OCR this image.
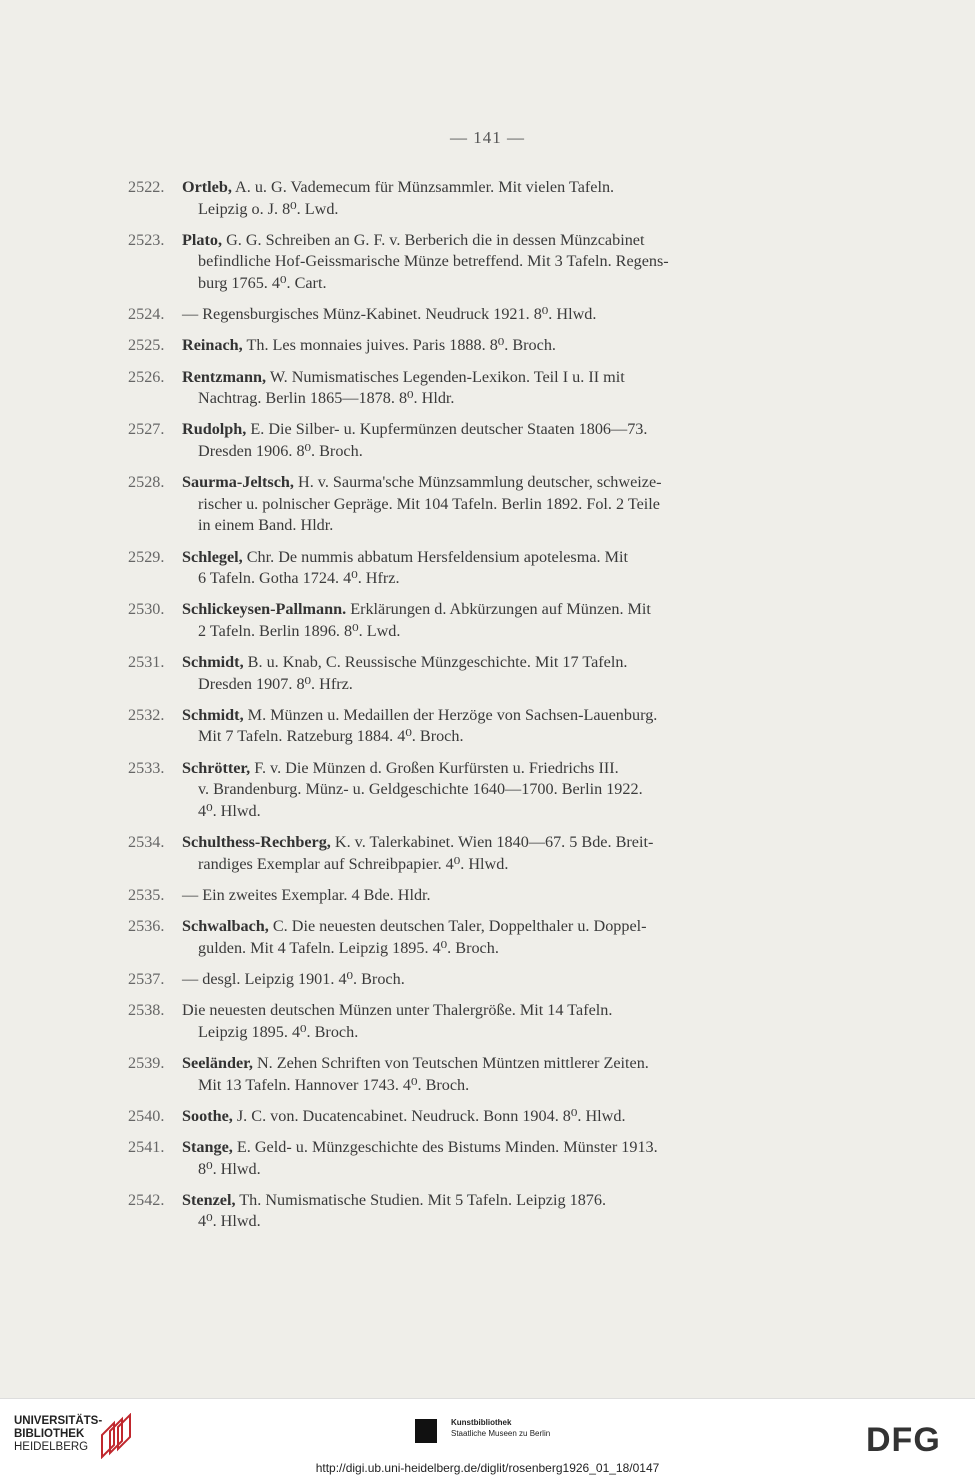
— 141 —
2522.	Ortleb, A. u. G. Vademecum für Münzsammler. Mit vielen Tafeln.
Leipzig o. J. 8⁰. Lwd.
2523.	Plato, G. G. Schreiben an G. F. v. Berberich die in dessen Münzcabinet
befindliche Hof-Geissmarische Münze betreffend. Mit 3 Tafeln. Regens-
burg 1765. 4⁰. Cart.
2524.	— Regensburgisches Münz-Kabinet. Neudruck 1921. 8⁰. Hlwd.
2525.	Reinach, Th. Les monnaies juives. Paris 1888. 8⁰. Broch.
2526.	Rentzmann, W. Numismatisches Legenden-Lexikon. Teil I u. II mit
Nachtrag. Berlin 1865—1878. 8⁰. Hldr.
2527.	Rudolph, E. Die Silber- u. Kupfermünzen deutscher Staaten 1806—73.
Dresden 1906. 8⁰. Broch.
2528.	Saurma-Jeltsch, H. v. Saurma'sche Münzsammlung deutscher, schweize-
rischer u. polnischer Gepräge. Mit 104 Tafeln. Berlin 1892. Fol. 2 Teile
in einem Band. Hldr.
2529.	Schlegel, Chr. De nummis abbatum Hersfeldensium apotelesma. Mit
6 Tafeln. Gotha 1724. 4⁰. Hfrz.
2530.	Schlickeysen-Pallmann. Erklärungen d. Abkürzungen auf Münzen. Mit
2 Tafeln. Berlin 1896. 8⁰. Lwd.
2531.	Schmidt, B. u. Knab, C. Reussische Münzgeschichte. Mit 17 Tafeln.
Dresden 1907. 8⁰. Hfrz.
2532.	Schmidt, M. Münzen u. Medaillen der Herzöge von Sachsen-Lauenburg.
Mit 7 Tafeln. Ratzeburg 1884. 4⁰. Broch.
2533.	Schrötter, F. v. Die Münzen d. Großen Kurfürsten u. Friedrichs III.
v. Brandenburg. Münz- u. Geldgeschichte 1640—1700. Berlin 1922.
4⁰. Hlwd.
2534.	Schulthess-Rechberg, K. v. Talerkabinet. Wien 1840—67. 5 Bde. Breit-
randiges Exemplar auf Schreibpapier. 4⁰. Hlwd.
2535.	— Ein zweites Exemplar. 4 Bde. Hldr.
2536.	Schwalbach, C. Die neuesten deutschen Taler, Doppelthaler u. Doppel-
gulden. Mit 4 Tafeln. Leipzig 1895. 4⁰. Broch.
2537.	— desgl. Leipzig 1901. 4⁰. Broch.
2538.	Die neuesten deutschen Münzen unter Thalergröße. Mit 14 Tafeln.
Leipzig 1895. 4⁰. Broch.
2539.	Seeländer, N. Zehen Schriften von Teutschen Müntzen mittlerer Zeiten.
Mit 13 Tafeln. Hannover 1743. 4⁰. Broch.
2540.	Soothe, J. C. von. Ducatencabinet. Neudruck. Bonn 1904. 8⁰. Hlwd.
2541.	Stange, E. Geld- u. Münzgeschichte des Bistums Minden. Münster 1913.
8⁰. Hlwd.
2542.	Stenzel, Th. Numismatische Studien. Mit 5 Tafeln. Leipzig 1876.
4⁰. Hlwd.
UNIVERSITÄTS-
BIBLIOTHEK
HEIDELBERG
Kunstbibliothek
Staatliche Museen zu Berlin	DFG
http://digi.ub.uni-heidelberg.de/diglit/rosenberg1926_01_18/0147
